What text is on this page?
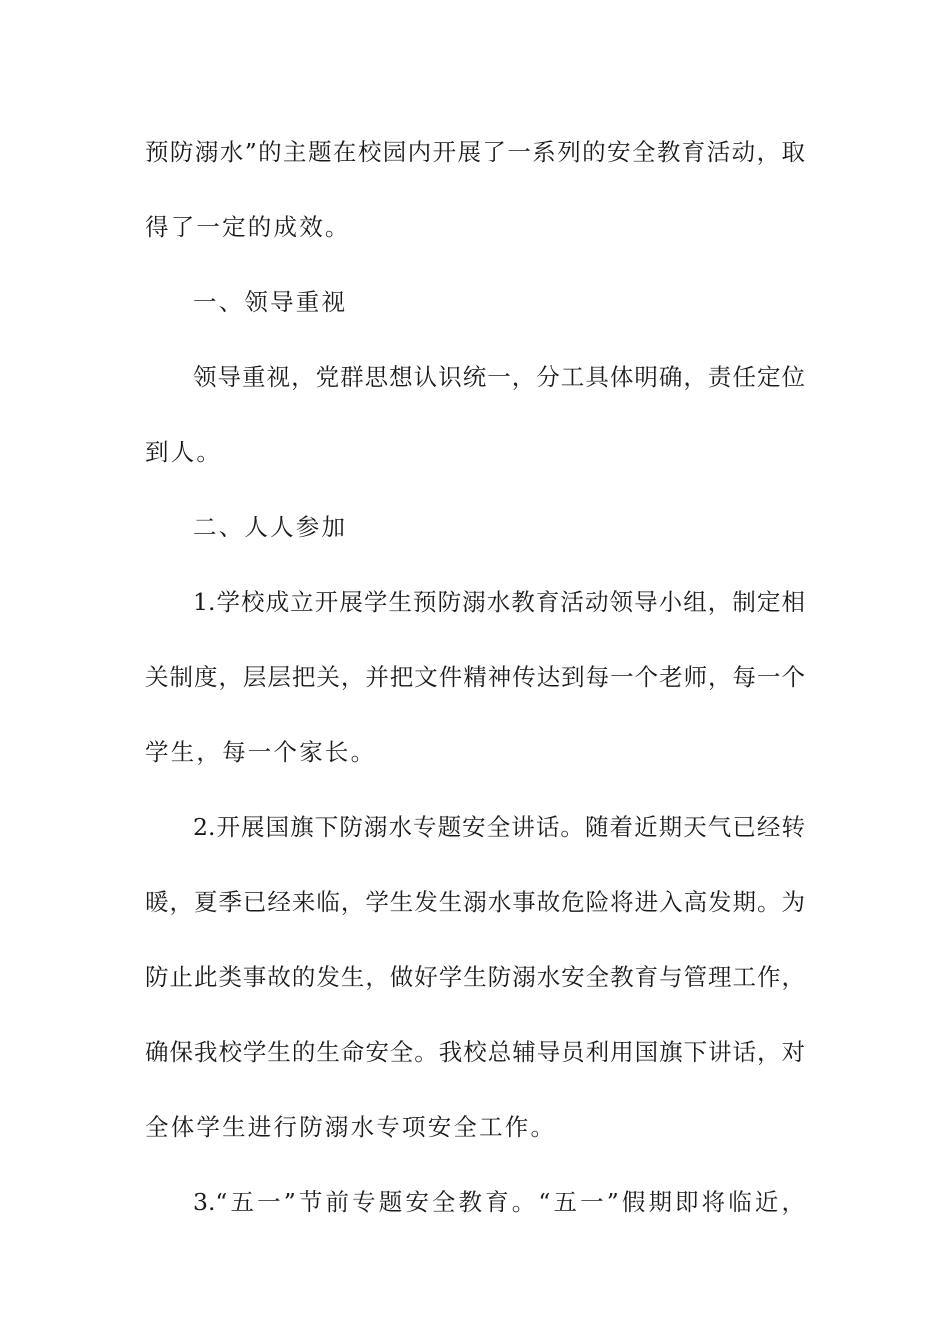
预防溺水”的主题在校园内开展了一系列的安全教育活动，取
得了一定的成效。
一、领导重视
领导重视，党群思想认识统一，分工具体明确，责任定位
到人。
二、人人参加
1.学校成立开展学生预防溺水教育活动领导小组，制定相
关制度，层层把关，并把文件精神传达到每一个老师，每一个
学生，每一个家长。
2.开展国旗下防溺水专题安全讲话。随着近期天气已经转
暖，夏季已经来临，学生发生溺水事故危险将进入高发期。为
防止此类事故的发生，做好学生防溺水安全教育与管理工作，
确保我校学生的生命安全。我校总辅导员利用国旗下讲话，对
全体学生进行防溺水专项安全工作。
3.“五一”节前专题安全教育。“五一”假期即将临近，
